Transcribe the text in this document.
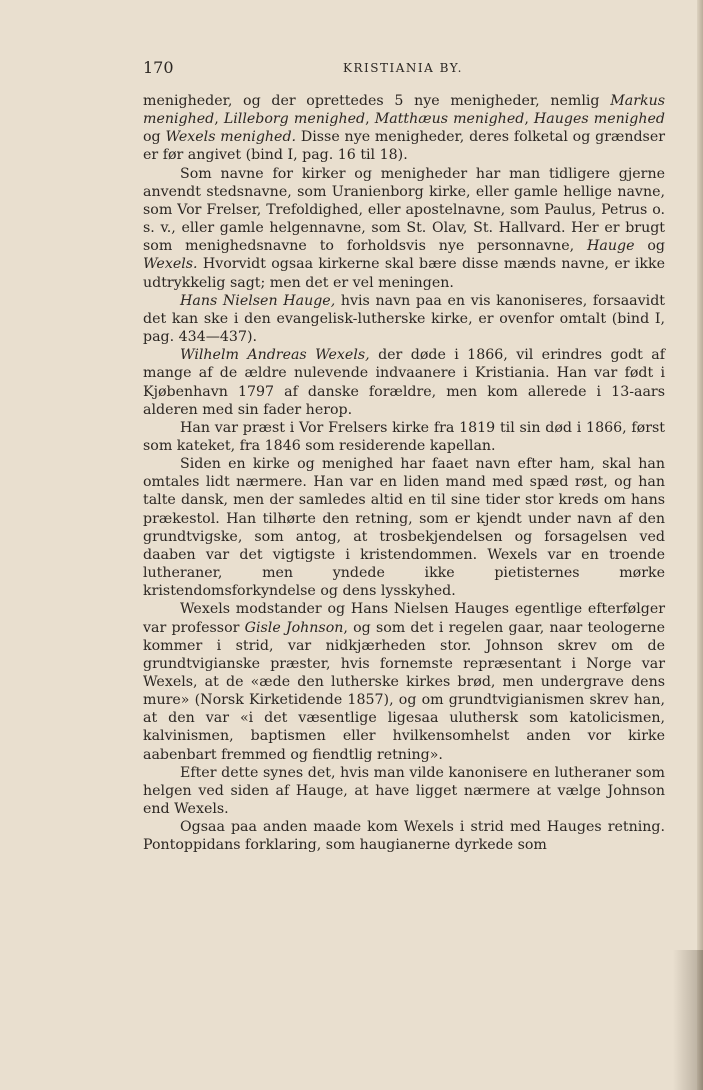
170	KRISTIANIA BY.

menigheder, og der oprettedes 5 nye menigheder, nemlig Markus menighed, Lilleborg menighed, Matthæus menighed, Hauges menighed og Wexels menighed. Disse nye menigheder, deres folketal og grændser er før angivet (bind I, pag. 16 til 18).

Som navne for kirker og menigheder har man tidligere gjerne anvendt stedsnavne, som Uranienborg kirke, eller gamle hellige navne, som Vor Frelser, Trefoldighed, eller apostelnavne, som Paulus, Petrus o. s. v., eller gamle helgennavne, som St. Olav, St. Hallvard. Her er brugt som menighedsnavne to forholdsvis nye personnavne, Hauge og Wexels. Hvorvidt ogsaa kirkerne skal bære disse mænds navne, er ikke udtrykkelig sagt; men det er vel meningen.

Hans Nielsen Hauge, hvis navn paa en vis kanoniseres, forsaavidt det kan ske i den evangelisk-lutherske kirke, er ovenfor omtalt (bind I, pag. 434—437).

Wilhelm Andreas Wexels, der døde i 1866, vil erindres godt af mange af de ældre nulevende indvaanere i Kristiania. Han var født i Kjøbenhavn 1797 af danske forældre, men kom allerede i 13-aars alderen med sin fader herop.

Han var præst i Vor Frelsers kirke fra 1819 til sin død i 1866, først som kateket, fra 1846 som residerende kapellan.

Siden en kirke og menighed har faaet navn efter ham, skal han omtales lidt nærmere. Han var en liden mand med spæd røst, og han talte dansk, men der samledes altid en til sine tider stor kreds om hans prækestol. Han tilhørte den retning, som er kjendt under navn af den grundtvigske, som antog, at trosbekjendelsen og forsagelsen ved daaben var det vigtigste i kristendommen. Wexels var en troende lutheraner, men yndede ikke pietisternes mørke kristendomsforkyndelse og dens lysskyhed.

Wexels modstander og Hans Nielsen Hauges egentlige efterfølger var professor Gisle Johnson, og som det i regelen gaar, naar teologerne kommer i strid, var nidkjærheden stor. Johnson skrev om de grundtvigianske præster, hvis fornemste repræsentant i Norge var Wexels, at de «æde den lutherske kirkes brød, men undergrave dens mure» (Norsk Kirketidende 1857), og om grundtvigianismen skrev han, at den var «i det væsentlige ligesaa uluthersk som katolicismen, kalvinismen, baptismen eller hvilkensomhelst anden vor kirke aabenbart fremmed og fiendtlig retning».

Efter dette synes det, hvis man vilde kanonisere en lutheraner som helgen ved siden af Hauge, at have ligget nærmere at vælge Johnson end Wexels.

Ogsaa paa anden maade kom Wexels i strid med Hauges retning. Pontoppidans forklaring, som haugianerne dyrkede som
